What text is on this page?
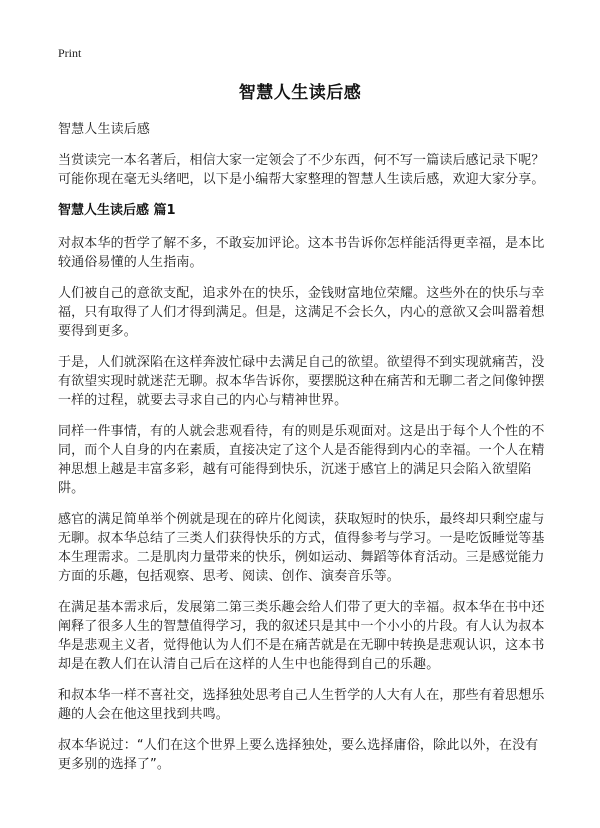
Print
智慧人生读后感

智慧人生读后感

当赏读完一本名著后，相信大家一定领会了不少东西，何不写一篇读后感记录下呢？可能你现在毫无头绪吧，以下是小编帮大家整理的智慧人生读后感，欢迎大家分享。

智慧人生读后感 篇1

对叔本华的哲学了解不多，不敢妄加评论。这本书告诉你怎样能活得更幸福，是本比较通俗易懂的人生指南。

人们被自己的意欲支配，追求外在的快乐，金钱财富地位荣耀。这些外在的快乐与幸福，只有取得了人们才得到满足。但是，这满足不会长久，内心的意欲又会叫嚣着想要得到更多。

于是，人们就深陷在这样奔波忙碌中去满足自己的欲望。欲望得不到实现就痛苦，没有欲望实现时就迷茫无聊。叔本华告诉你，要摆脱这种在痛苦和无聊二者之间像钟摆一样的过程，就要去寻求自己的内心与精神世界。

同样一件事情，有的人就会悲观看待，有的则是乐观面对。这是出于每个人个性的不同，而个人自身的内在素质，直接决定了这个人是否能得到内心的幸福。一个人在精神思想上越是丰富多彩，越有可能得到快乐，沉迷于感官上的满足只会陷入欲望陷阱。

感官的满足简单举个例就是现在的碎片化阅读，获取短时的快乐，最终却只剩空虚与无聊。叔本华总结了三类人们获得快乐的方式，值得参考与学习。一是吃饭睡觉等基本生理需求。二是肌肉力量带来的快乐，例如运动、舞蹈等体育活动。三是感觉能力方面的乐趣，包括观察、思考、阅读、创作、演奏音乐等。

在满足基本需求后，发展第二第三类乐趣会给人们带了更大的幸福。叔本华在书中还阐释了很多人生的智慧值得学习，我的叙述只是其中一个小小的片段。有人认为叔本华是悲观主义者，觉得他认为人们不是在痛苦就是在无聊中转换是悲观认识，这本书却是在教人们在认清自己后在这样的人生中也能得到自己的乐趣。

和叔本华一样不喜社交，选择独处思考自己人生哲学的人大有人在，那些有着思想乐趣的人会在他这里找到共鸣。

叔本华说过：“人们在这个世界上要么选择独处，要么选择庸俗，除此以外，在没有更多别的选择了”。
